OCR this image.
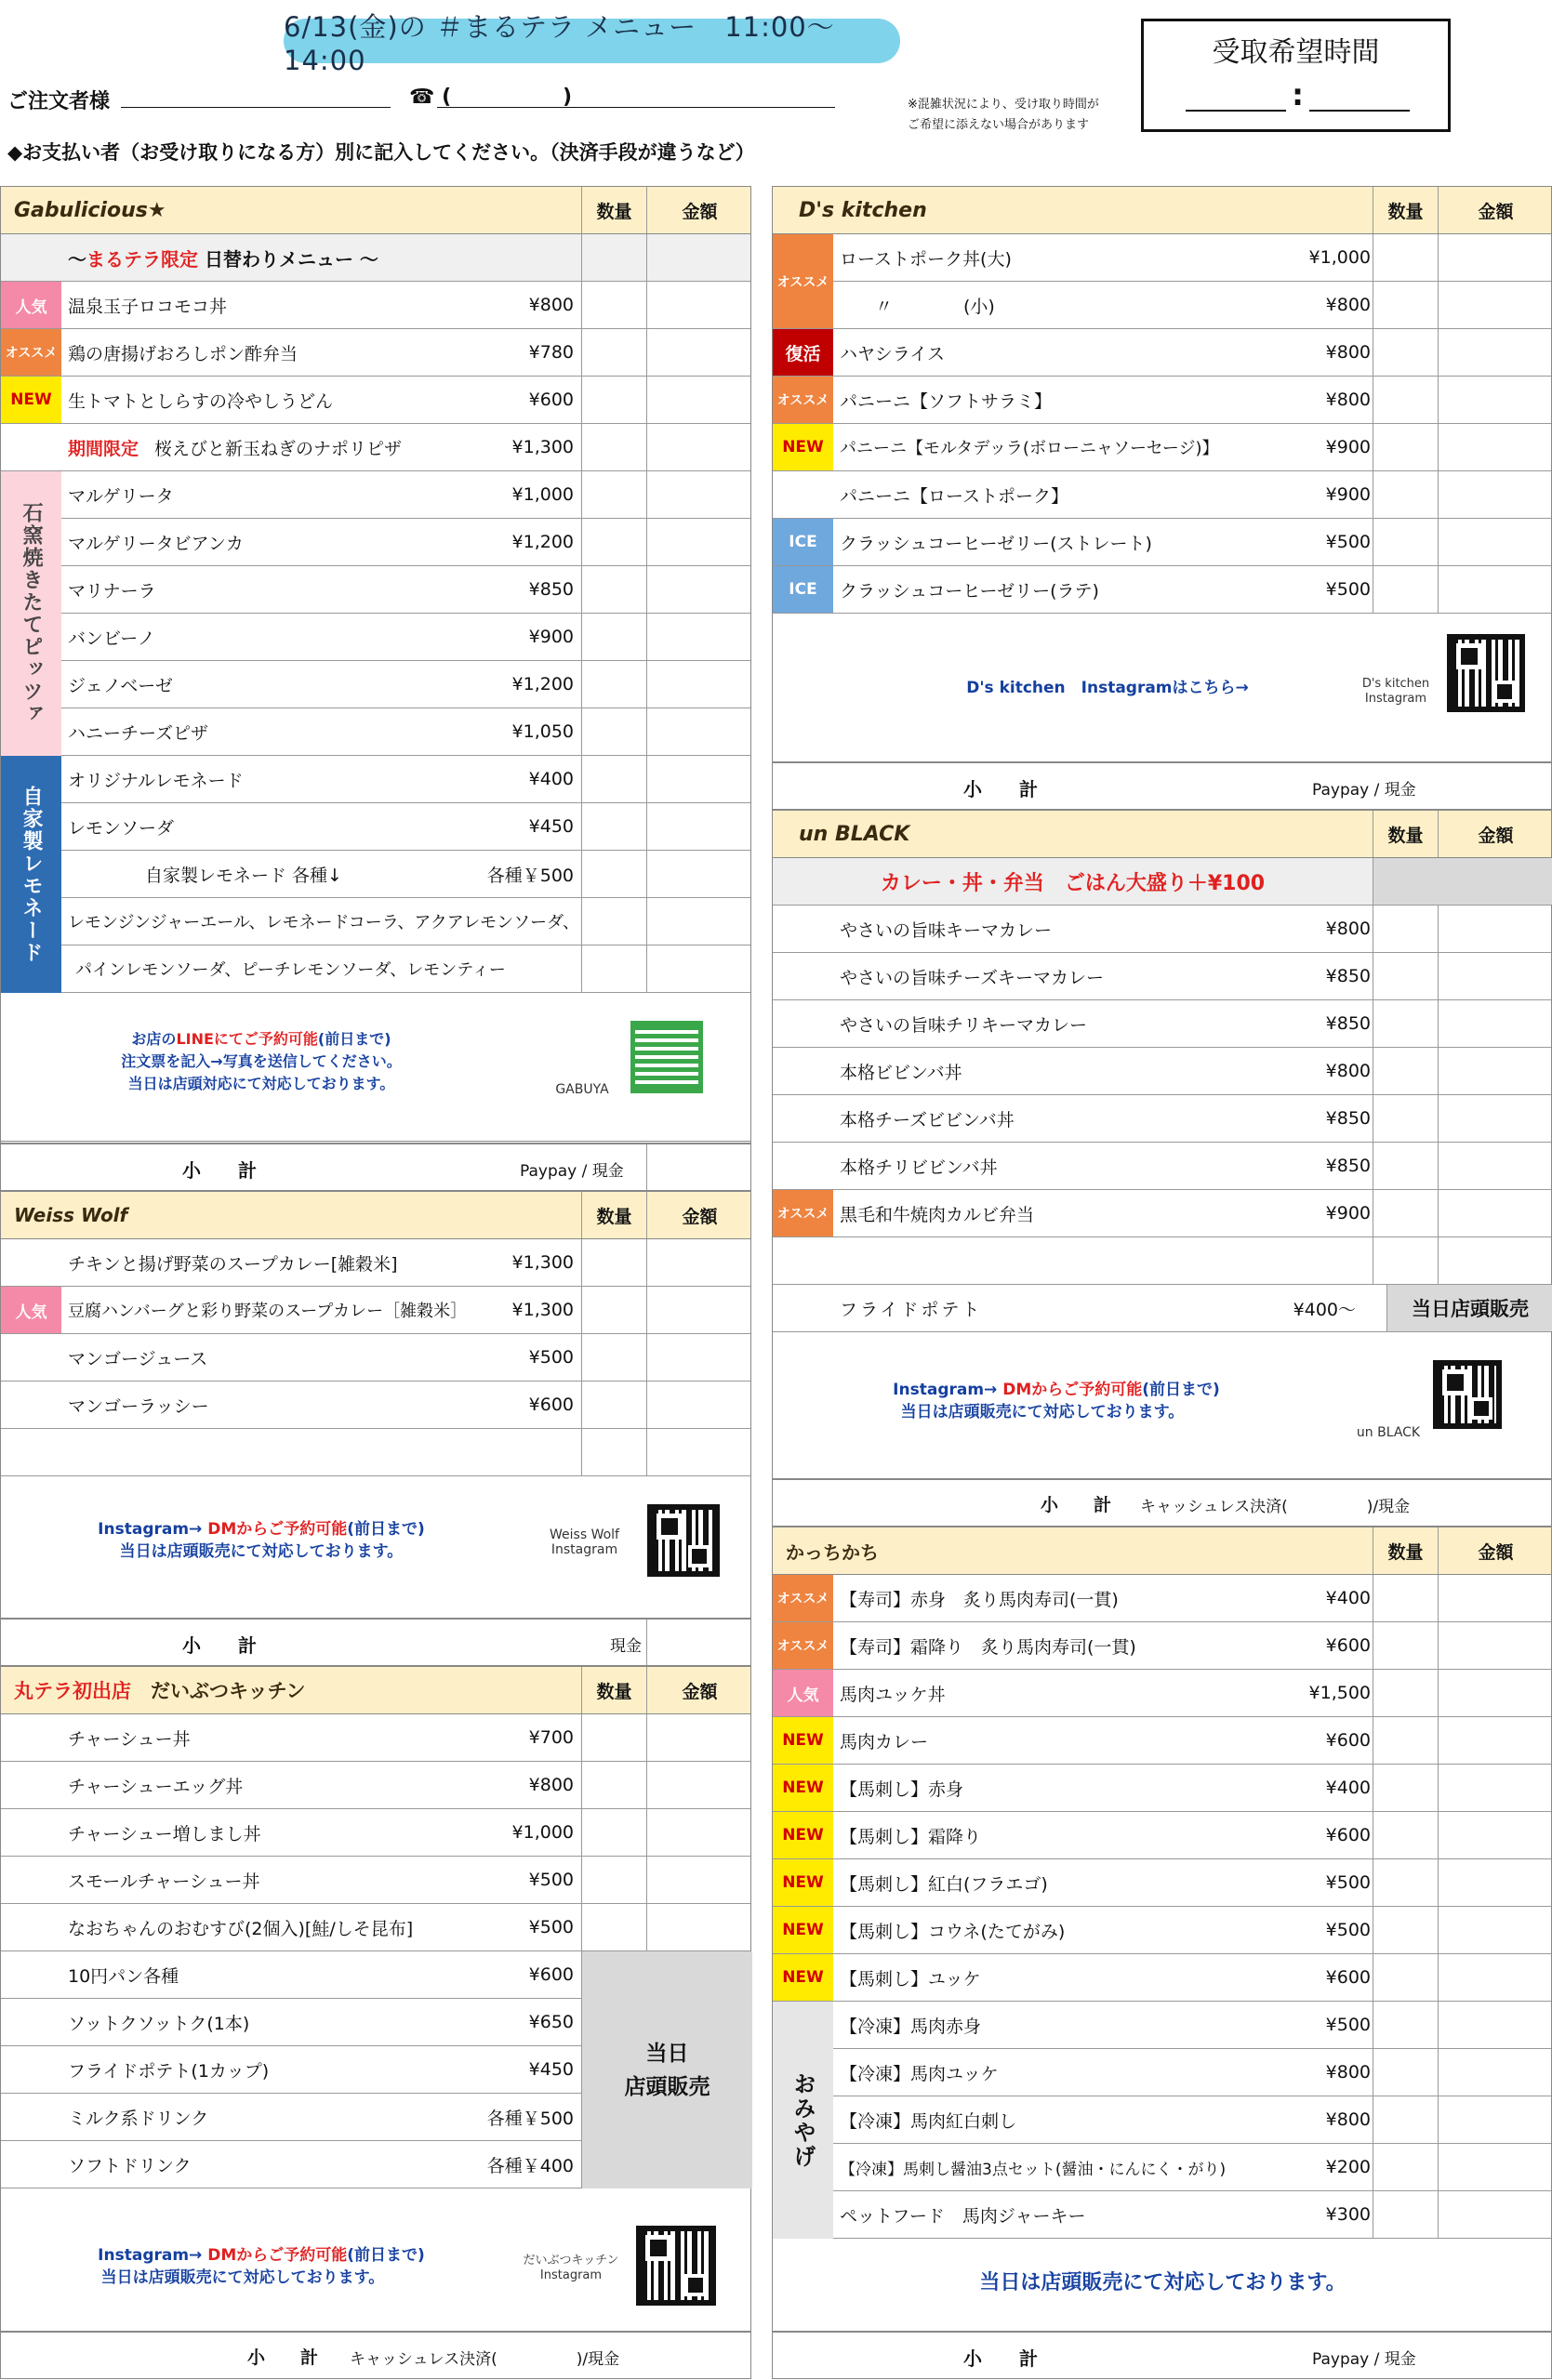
6/13(金)の ＃まるテラ メニュー　11:00〜14:00	受取希望時間
:
ご注文者様	☎ (	)	※混雑状況により、受け取り時間が
ご希望に添えない場合があります
◆お支払い者（お受け取りになる方）別に記入してください。（決済手段が違うなど）
Gabulicious★	数量	金額
〜まるテラ限定 日替わりメニュー 〜
人気	温泉玉子ロコモコ丼	¥800
オススメ 鶏の唐揚げおろしポン酢弁当	¥780
NEW 生トマトとしらすの冷やしうどん	¥600
期間限定 桜えびと新玉ねぎのナポリピザ	¥1,300
石窯焼きたてピッツァ
マルゲリータ	¥1,000
マルゲリータビアンカ	¥1,200
マリナーラ	¥850
バンビーノ	¥900
ジェノベーゼ	¥1,200
ハニーチーズピザ	¥1,050
自家製レモネード
オリジナルレモネード	¥400
レモンソーダ	¥450
自家製レモネード 各種↓	各種￥500
レモンジンジャーエール、レモネードコーラ、アクアレモンソーダ、
パインレモンソーダ、ピーチレモンソーダ、レモンティー
お店のLINEにてご予約可能(前日まで)
注文票を記入→写真を送信してください。
当日は店頭対応にて対応しております。	GABUYA
小　　計	Paypay / 現金
Weiss Wolf	数量	金額
チキンと揚げ野菜のスープカレー[雑穀米]	¥1,300
人気	豆腐ハンバーグと彩り野菜のスープカレー［雑穀米］	¥1,300
マンゴージュース	¥500
マンゴーラッシー	¥600
Instagram→ DMからご予約可能(前日まで)
当日は店頭販売にて対応しております。
Weiss Wolf
Instagram
小　　計	現金
丸テラ初出店　 だいぶつキッチン	数量	金額
チャーシュー丼	¥700
チャーシューエッグ丼	¥800
チャーシュー増しまし丼	¥1,000
スモールチャーシュー丼	¥500
なおちゃんのおむすび(2個入)[鮭/しそ昆布]	¥500
10円パン各種	¥600
ソットクソットク(1本)	¥650
フライドポテト(1カップ)	¥450
ミルク系ドリンク	各種￥500
ソフトドリンク	各種￥400
当日
店頭販売
Instagram→ DMからご予約可能(前日まで)
当日は店頭販売にて対応しております。
だいぶつキッチン
Instagram
小　　計 キャッシュレス決済(　　　　　)/現金
D's kitchen	数量	金額
オススメ
ローストポーク丼(大)	¥1,000
〃　　　　(小)	¥800
復活	ハヤシライス	¥800
オススメ パニーニ【ソフトサラミ】	¥800
NEW パニーニ【モルタデッラ(ボローニャソーセージ)】	¥900
パニーニ【ローストポーク】	¥900
ICE	クラッシュコーヒーゼリー(ストレート)	¥500
ICE	クラッシュコーヒーゼリー(ラテ)	¥500
D's kitchen　Instagramはこちら→	D's kitchen
Instagram
小　　計	Paypay / 現金
un BLACK	数量	金額
カレー・丼・弁当　ごはん大盛り＋¥100
やさいの旨味キーマカレー	¥800
やさいの旨味チーズキーマカレー	¥850
やさいの旨味チリキーマカレー	¥850
本格ビビンバ丼	¥800
本格チーズビビンバ丼	¥850
本格チリビビンバ丼	¥850
オススメ 黒毛和牛焼肉カルビ弁当	¥900
フライドポテト	¥400〜	当日店頭販売
Instagram→ DMからご予約可能(前日まで)
当日は店頭販売にて対応しております。
un BLACK
小　　計 キャッシュレス決済(　　　　　)/現金
かっちかち	数量	金額
オススメ 【寿司】赤身　炙り馬肉寿司(一貫)	¥400
オススメ 【寿司】霜降り　炙り馬肉寿司(一貫)	¥600
人気	馬肉ユッケ丼	¥1,500
NEW 馬肉カレー	¥600
NEW 【馬刺し】赤身	¥400
NEW 【馬刺し】霜降り	¥600
NEW 【馬刺し】紅白(フラエゴ)	¥500
NEW 【馬刺し】コウネ(たてがみ)	¥500
NEW 【馬刺し】ユッケ	¥600
おみやげ
【冷凍】馬肉赤身	¥500
【冷凍】馬肉ユッケ	¥800
【冷凍】馬肉紅白刺し	¥800
【冷凍】馬刺し醤油3点セット(醤油・にんにく・がり)	¥200
ペットフード　馬肉ジャーキー	¥300
当日は店頭販売にて対応しております。
小　　計	Paypay / 現金
